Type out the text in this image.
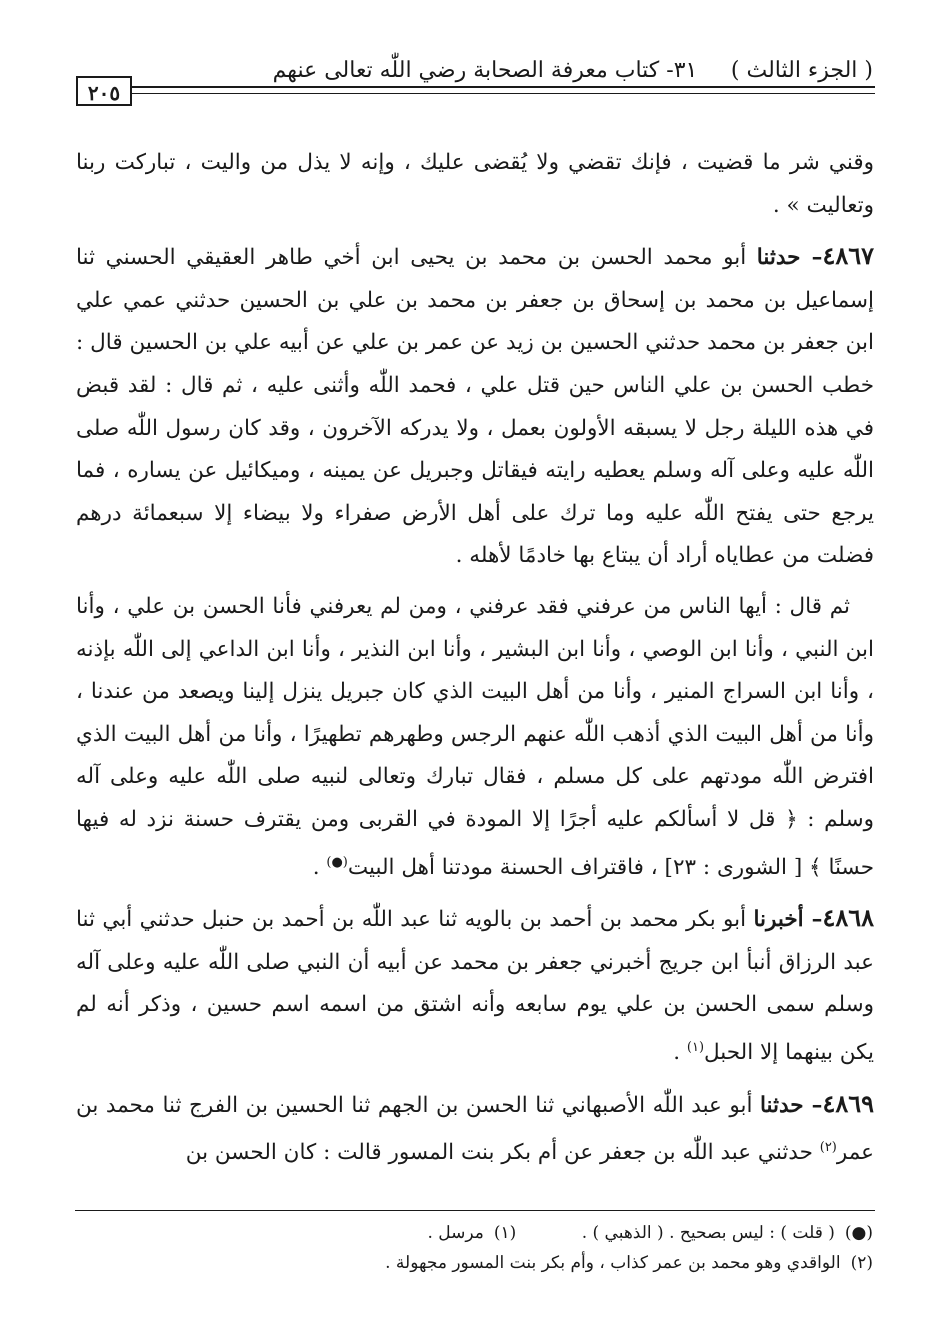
( الجزء الثالث )
٣١- كتاب معرفة الصحابة رضي اللّٰه تعالى عنهم
٢٠٥

وقني شر ما قضيت ، فإنك تقضي ولا يُقضى عليك ، وإنه لا يذل من واليت ، تباركت ربنا وتعاليت » .

٤٨٦٧– حدثنا أبو محمد الحسن بن محمد بن يحيى ابن أخي طاهر العقيقي الحسني ثنا إسماعيل بن محمد بن إسحاق بن جعفر بن محمد بن علي بن الحسين حدثني عمي علي ابن جعفر بن محمد حدثني الحسين بن زيد عن عمر بن علي عن أبيه علي بن الحسين قال : خطب الحسن بن علي الناس حين قتل علي ، فحمد اللّٰه وأثنى عليه ، ثم قال : لقد قبض في هذه الليلة رجل لا يسبقه الأولون بعمل ، ولا يدركه الآخرون ، وقد كان رسول اللّٰه صلى اللّٰه عليه وعلى آله وسلم يعطيه رايته فيقاتل وجبريل عن يمينه ، وميكائيل عن يساره ، فما يرجع حتى يفتح اللّٰه عليه وما ترك على أهل الأرض صفراء ولا بيضاء إلا سبعمائة درهم فضلت من عطاياه أراد أن يبتاع بها خادمًا لأهله .

ثم قال : أيها الناس من عرفني فقد عرفني ، ومن لم يعرفني فأنا الحسن بن علي ، وأنا ابن النبي ، وأنا ابن الوصي ، وأنا ابن البشير ، وأنا ابن النذير ، وأنا ابن الداعي إلى اللّٰه بإذنه ، وأنا ابن السراج المنير ، وأنا من أهل البيت الذي كان جبريل ينزل إلينا ويصعد من عندنا ، وأنا من أهل البيت الذي أذهب اللّٰه عنهم الرجس وطهرهم تطهيرًا ، وأنا من أهل البيت الذي افترض اللّٰه مودتهم على كل مسلم ، فقال تبارك وتعالى لنبيه صلى اللّٰه عليه وعلى آله وسلم : ﴿ قل لا أسألكم عليه أجرًا إلا المودة في القربى ومن يقترف حسنة نزد له فيها حسنًا ﴾ [ الشورى : ٢٣] ، فاقتراف الحسنة مودتنا أهل البيت(●) .

٤٨٦٨– أخبرنا أبو بكر محمد بن أحمد بن بالويه ثنا عبد اللّٰه بن أحمد بن حنبل حدثني أبي ثنا عبد الرزاق أنبأ ابن جريج أخبرني جعفر بن محمد عن أبيه أن النبي صلى اللّٰه عليه وعلى آله وسلم سمى الحسن بن علي يوم سابعه وأنه اشتق من اسمه اسم حسين ، وذكر أنه لم يكن بينهما إلا الحبل$^{(١)}$ .

٤٨٦٩– حدثنا أبو عبد اللّٰه الأصبهاني ثنا الحسن بن الجهم ثنا الحسين بن الفرج ثنا محمد بن عمر$^{(٢)}$ حدثني عبد اللّٰه بن جعفر عن أم بكر بنت المسور قالت : كان الحسن بن

(●)( قلت ) : ليس بصحيح . ( الذهبي ) . (١)مرسل .
(٢)الواقدي وهو محمد بن عمر كذاب ، وأم بكر بنت المسور مجهولة .
